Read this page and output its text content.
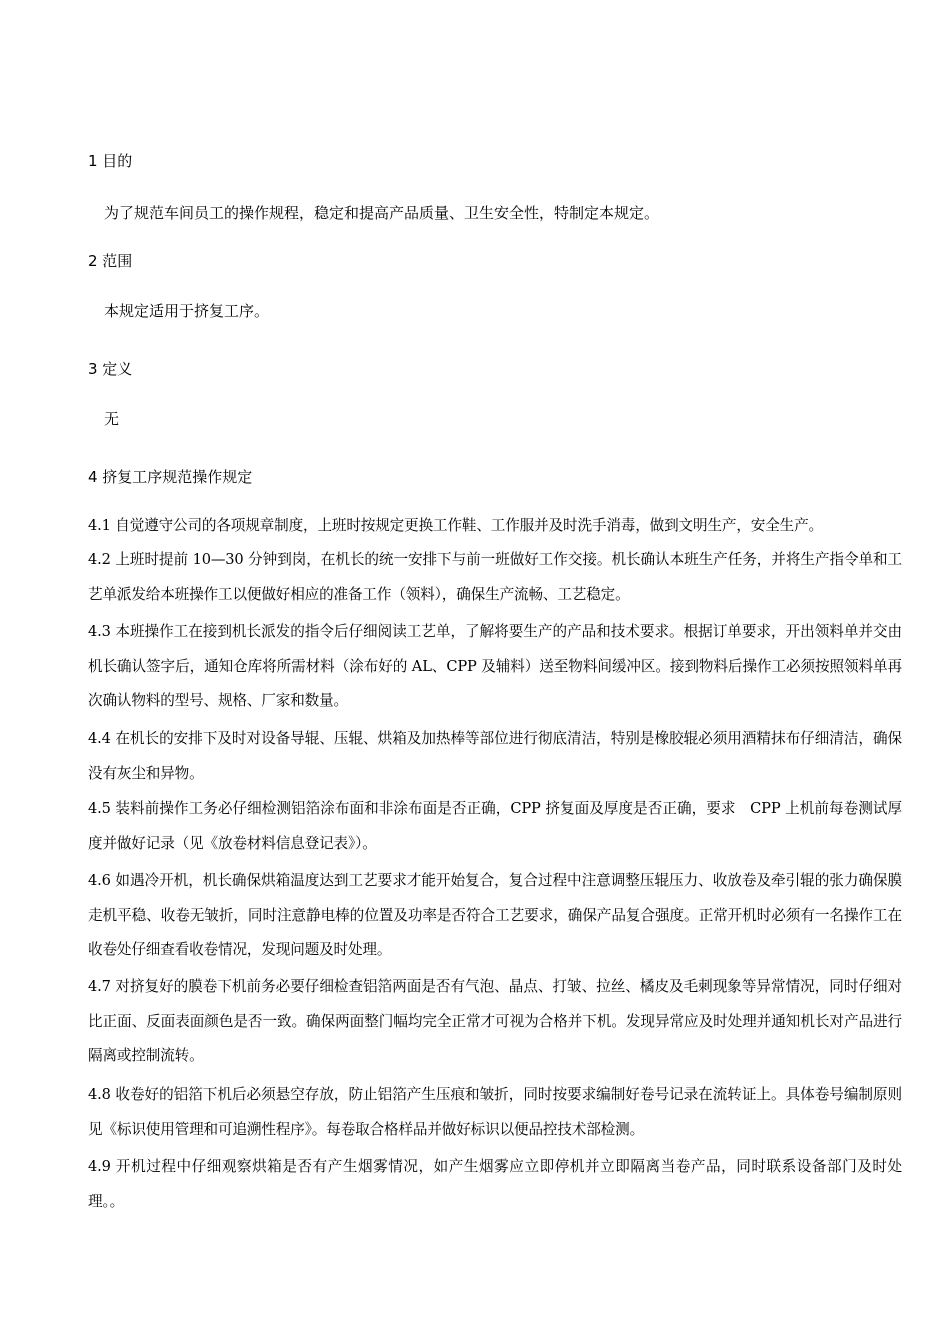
1 目的
为了规范车间员工的操作规程，稳定和提高产品质量、卫生安全性，特制定本规定。
2 范围
本规定适用于挤复工序。
3 定义
无
4 挤复工序规范操作规定
4.1 自觉遵守公司的各项规章制度，上班时按规定更换工作鞋、工作服并及时洗手消毒，做到文明生产，安全生产。
4.2 上班时提前 10—30 分钟到岗，在机长的统一安排下与前一班做好工作交接。机长确认本班生产任务，并将生产指令单和工艺单派发给本班操作工以便做好相应的准备工作（领料），确保生产流畅、工艺稳定。
4.3 本班操作工在接到机长派发的指令后仔细阅读工艺单，了解将要生产的产品和技术要求。根据订单要求，开出领料单并交由机长确认签字后，通知仓库将所需材料（涂布好的 AL、CPP 及辅料）送至物料间缓冲区。接到物料后操作工必须按照领料单再次确认物料的型号、规格、厂家和数量。
4.4 在机长的安排下及时对设备导辊、压辊、烘箱及加热棒等部位进行彻底清洁，特别是橡胶辊必须用酒精抹布仔细清洁，确保没有灰尘和异物。
4.5 装料前操作工务必仔细检测铝箔涂布面和非涂布面是否正确，CPP 挤复面及厚度是否正确，要求　CPP 上机前每卷测试厚度并做好记录（见《放卷材料信息登记表》）。
4.6 如遇冷开机，机长确保烘箱温度达到工艺要求才能开始复合，复合过程中注意调整压辊压力、收放卷及牵引辊的张力确保膜走机平稳、收卷无皱折，同时注意静电棒的位置及功率是否符合工艺要求，确保产品复合强度。正常开机时必须有一名操作工在收卷处仔细查看收卷情况，发现问题及时处理。
4.7 对挤复好的膜卷下机前务必要仔细检查铝箔两面是否有气泡、晶点、打皱、拉丝、橘皮及毛刺现象等异常情况，同时仔细对比正面、反面表面颜色是否一致。确保两面整门幅均完全正常才可视为合格并下机。发现异常应及时处理并通知机长对产品进行隔离或控制流转。
4.8 收卷好的铝箔下机后必须悬空存放，防止铝箔产生压痕和皱折，同时按要求编制好卷号记录在流转证上。具体卷号编制原则见《标识使用管理和可追溯性程序》。每卷取合格样品并做好标识以便品控技术部检测。
4.9 开机过程中仔细观察烘箱是否有产生烟雾情况，如产生烟雾应立即停机并立即隔离当卷产品，同时联系设备部门及时处理。。
